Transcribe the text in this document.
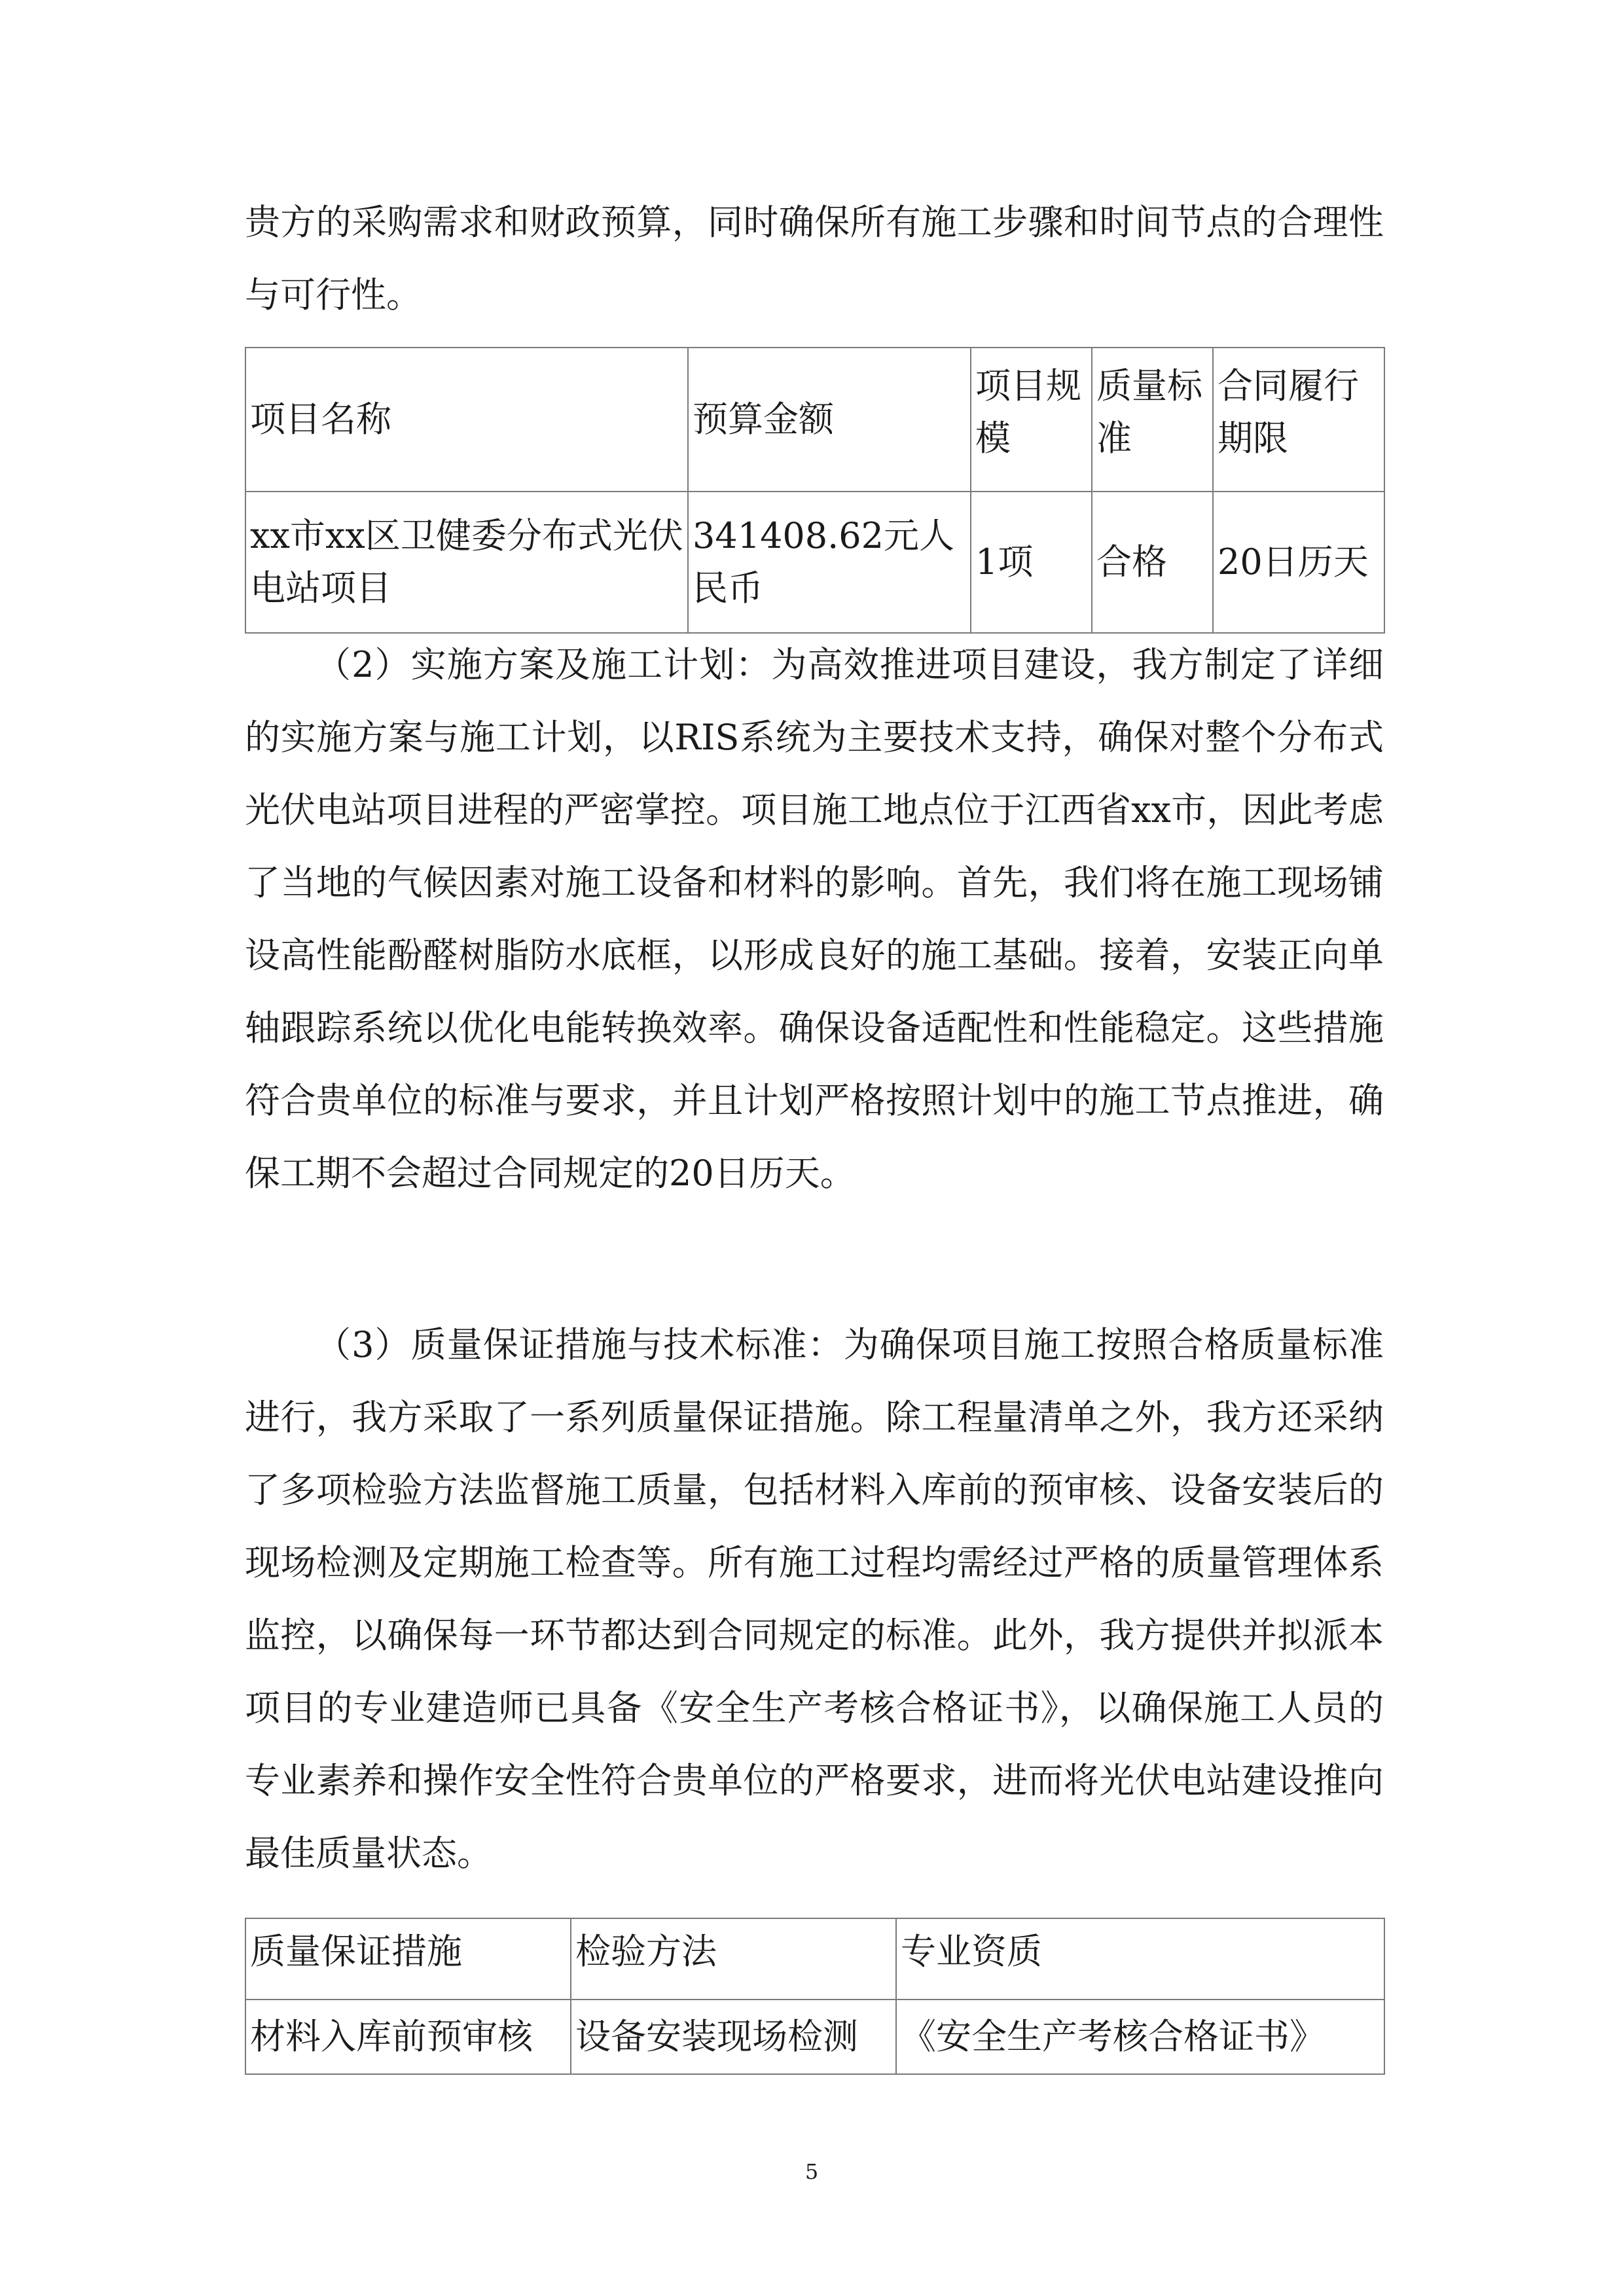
贵方的采购需求和财政预算，同时确保所有施工步骤和时间节点的合理性与可行性。

项目名称	预算金额	项目规模	质量标准	合同履行期限
xx市xx区卫健委分布式光伏电站项目	341408.62元人民币	1项	合格	20日历天

（2）实施方案及施工计划：为高效推进项目建设，我方制定了详细的实施方案与施工计划，以RIS系统为主要技术支持，确保对整个分布式光伏电站项目进程的严密掌控。项目施工地点位于江西省xx市，因此考虑了当地的气候因素对施工设备和材料的影响。首先，我们将在施工现场铺设高性能酚醛树脂防水底框，以形成良好的施工基础。接着，安装正向单轴跟踪系统以优化电能转换效率。确保设备适配性和性能稳定。这些措施符合贵单位的标准与要求，并且计划严格按照计划中的施工节点推进，确保工期不会超过合同规定的20日历天。

（3）质量保证措施与技术标准：为确保项目施工按照合格质量标准进行，我方采取了一系列质量保证措施。除工程量清单之外，我方还采纳了多项检验方法监督施工质量，包括材料入库前的预审核、设备安装后的现场检测及定期施工检查等。所有施工过程均需经过严格的质量管理体系监控，以确保每一环节都达到合同规定的标准。此外，我方提供并拟派本项目的专业建造师已具备《安全生产考核合格证书》，以确保施工人员的专业素养和操作安全性符合贵单位的严格要求，进而将光伏电站建设推向最佳质量状态。

质量保证措施	检验方法	专业资质
材料入库前预审核	设备安装现场检测	《安全生产考核合格证书》
5
